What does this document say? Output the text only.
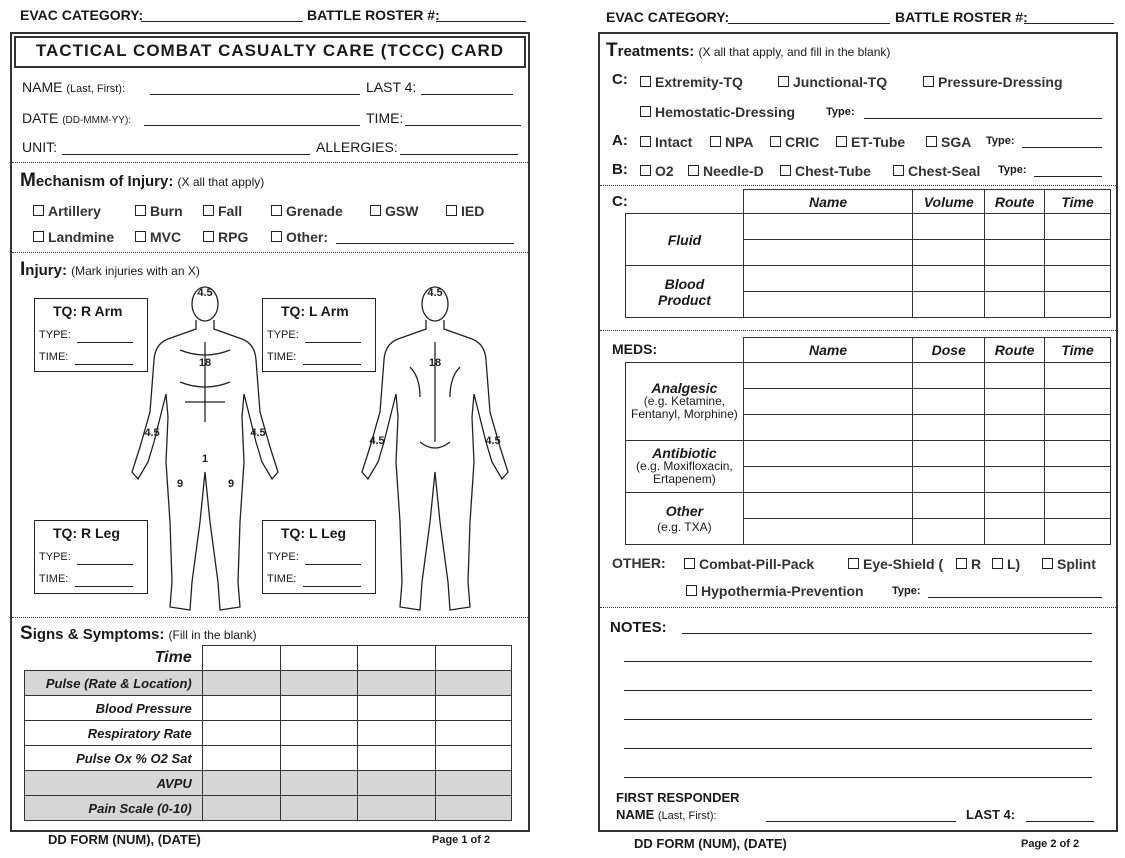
EVAC CATEGORY:	BATTLE ROSTER #:
TACTICAL COMBAT CASUALTY CARE (TCCC) CARD
NAME (Last, First):	LAST 4:
DATE (DD-MMM-YY):	TIME:
UNIT:	ALLERGIES:
Mechanism of Injury: (X all that apply)
Artillery	Burn	Fall	Grenade	GSW	IED
Landmine	MVC	RPG	Other:
Injury: (Mark injuries with an X)
4.5
18
4.5	4.5
1
9	9
4.5
18
4.5	4.5
TQ: R Arm
TYPE:
TIME:
TQ: L Arm
TYPE:
TIME:
TQ: R Leg
TYPE:
TIME:
TQ: L Leg
TYPE:
TIME:
Signs & Symptoms: (Fill in the blank)
Time				
Pulse (Rate & Location)				
Blood Pressure				
Respiratory Rate				
Pulse Ox % O2 Sat				
AVPU				
Pain Scale (0-10)				
DD FORM (NUM), (DATE)	Page 1 of 2
EVAC CATEGORY:	BATTLE ROSTER #:
Treatments: (X all that apply, and fill in the blank)
C:	Extremity-TQ	Junctional-TQ	Pressure-Dressing
Hemostatic-Dressing	Type:
A:	Intact	NPA	CRIC	ET-Tube	SGA Type:
B:	O2	Needle-D	Chest-Tube	Chest-Seal Type:
C:
		Name	Volume	Route	Time
Fluid				

Blood Product				

MEDS:
		Name	Dose	Route	Time

Analgesic
(e.g. Ketamine, Fentanyl, Morphine)				

Antibiotic
(e.g. Moxifloxacin, Ertapenem)				

Other
(e.g. TXA)				

OTHER:	Combat-Pill-Pack	Eye-Shield (	R	L)	Splint
Hypothermia-Prevention	Type:
NOTES:
FIRST RESPONDER
NAME (Last, First):	LAST 4:
DD FORM (NUM), (DATE)	Page 2 of 2
